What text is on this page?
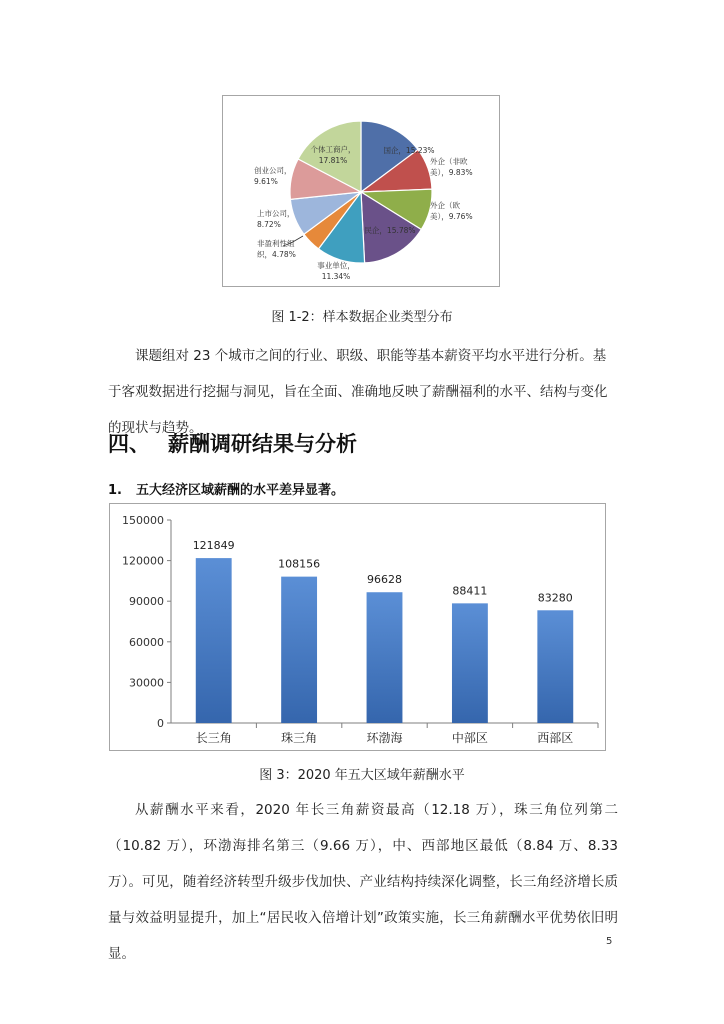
国企，15.23%
外企（非欧美），9.83%
外企（欧美），9.76%
民企，15.78%
事业单位， 11.34%
非盈利性组织，4.78%
上市公司， 8.72%
创业公司， 9.61%
个体工商户， 17.81%
图 1-2：样本数据企业类型分布

课题组对 23 个城市之间的行业、职级、职能等基本薪资平均水平进行分析。基于客观数据进行挖掘与洞见，旨在全面、准确地反映了薪酬福利的水平、结构与变化的现状与趋势。

四、 薪酬调研结果与分析
1. 五大经济区域薪酬的水平差异显著。
0
30000
60000
90000
120000
150000
121849
长三角
108156
珠三角
96628
环渤海
88411
中部区
83280
西部区
图 3：2020 年五大区域年薪酬水平

从薪酬水平来看，2020 年长三角薪资最高（12.18 万），珠三角位列第二（10.82 万），环渤海排名第三（9.66 万），中、西部地区最低（8.84 万、8.33 万）。可见，随着经济转型升级步伐加快、产业结构持续深化调整，长三角经济增长质量与效益明显提升，加上“居民收入倍增计划”政策实施，长三角薪酬水平优势依旧明显。

5
